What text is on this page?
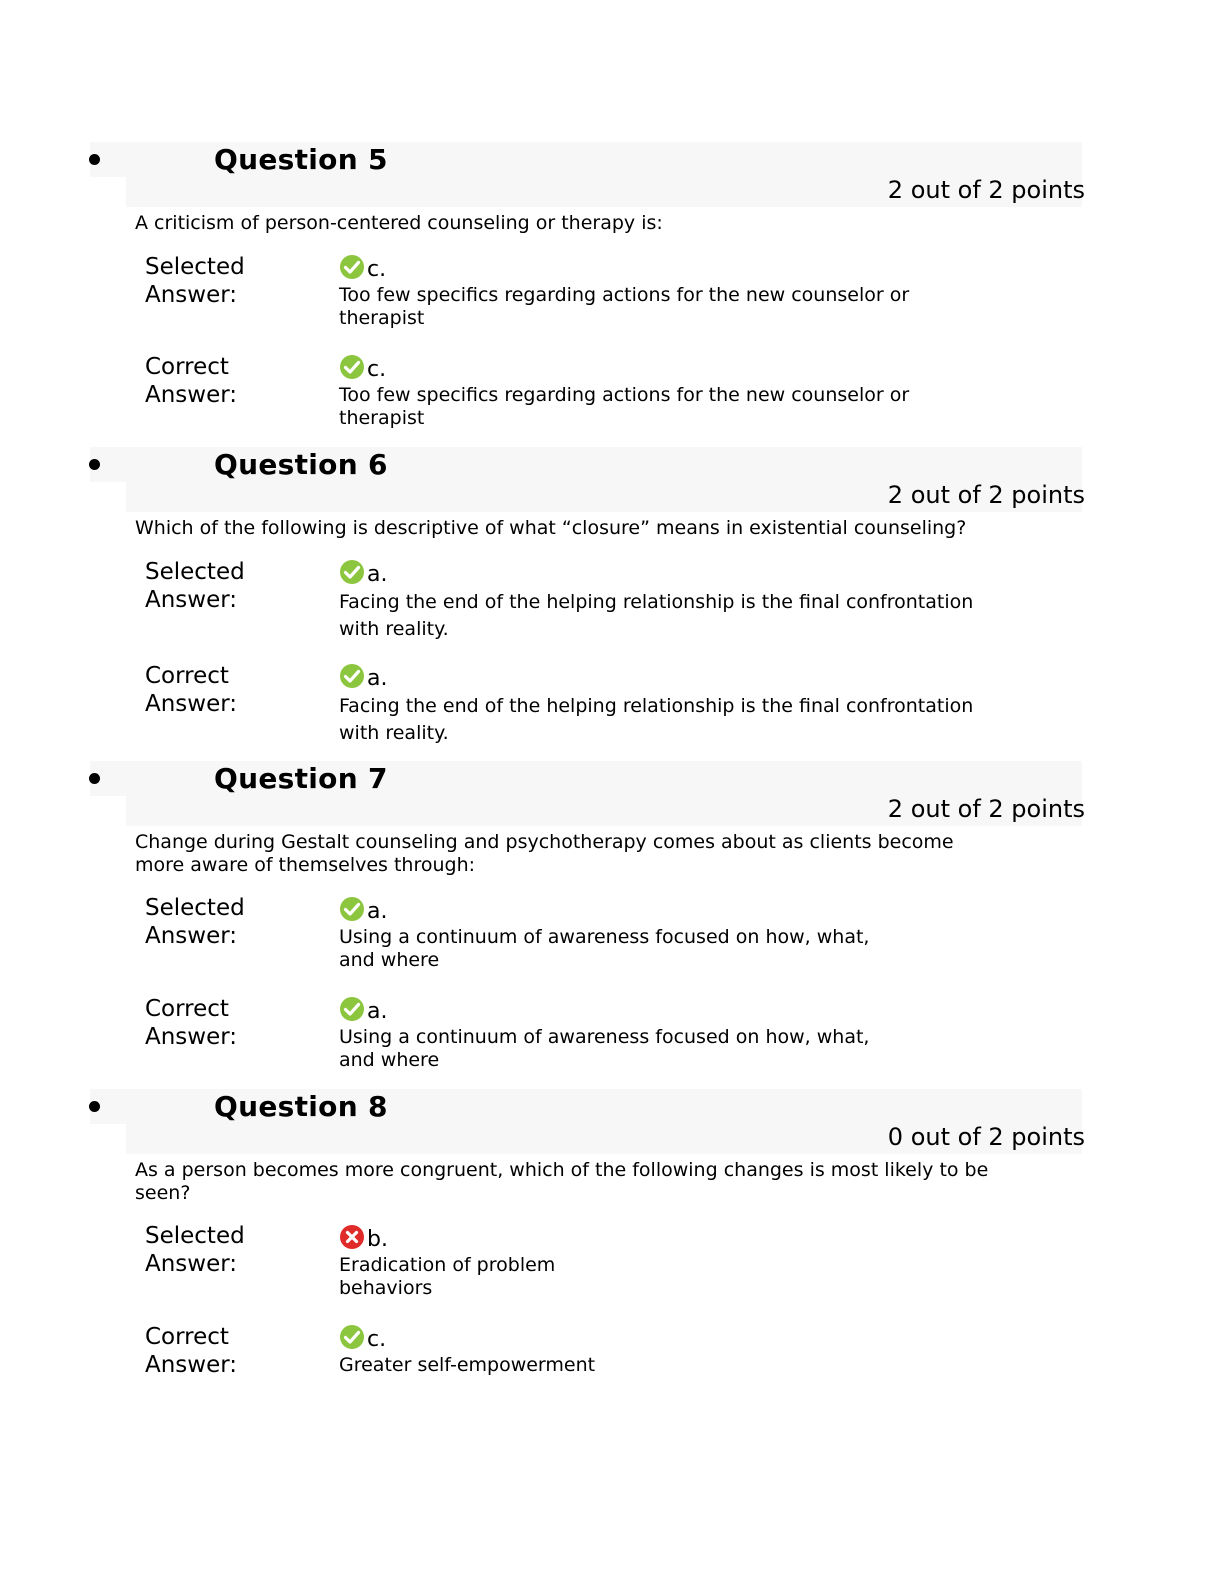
Question 5
2 out of 2 points
A criticism of person-centered counseling or therapy is:
Selected Answer:
c.
Too few specifics regarding actions for the new counselor or therapist
Correct Answer:
c.
Too few specifics regarding actions for the new counselor or therapist
Question 6
2 out of 2 points
Which of the following is descriptive of what “closure” means in existential counseling?
Selected Answer:
a.
Facing the end of the helping relationship is the final confrontation with reality.
Correct Answer:
a.
Facing the end of the helping relationship is the final confrontation with reality.
Question 7
2 out of 2 points
Change during Gestalt counseling and psychotherapy comes about as clients become more aware of themselves through:
Selected Answer:
a.
Using a continuum of awareness focused on how, what, and where
Correct Answer:
a.
Using a continuum of awareness focused on how, what, and where
Question 8
0 out of 2 points
As a person becomes more congruent, which of the following changes is most likely to be seen?
Selected Answer:
b.
Eradication of problem behaviors
Correct Answer:
c.
Greater self-empowerment
